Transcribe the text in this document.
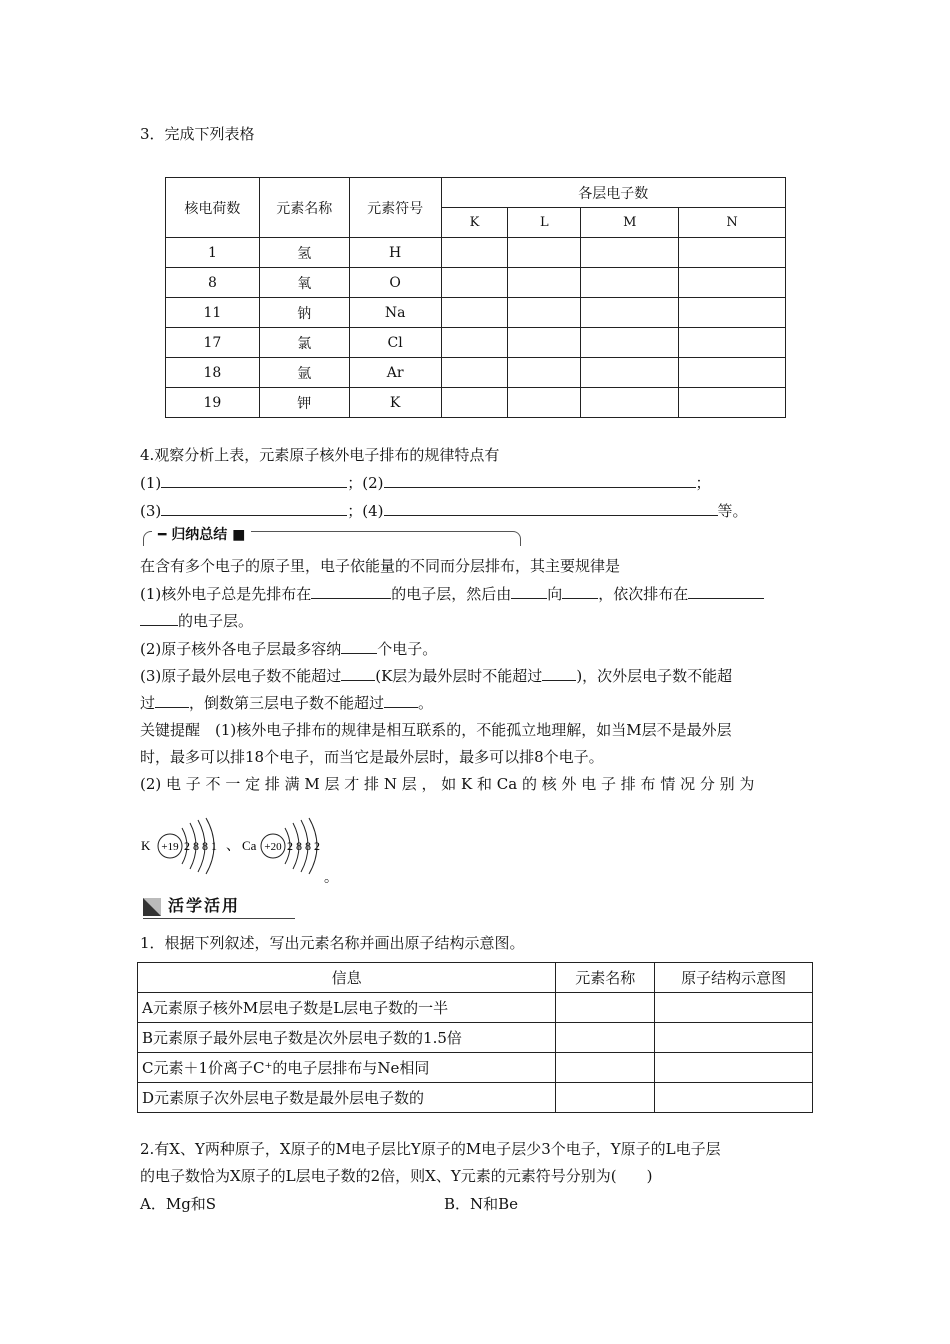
3．完成下列表格
核电荷数	元素名称	元素符号	各层电子数			
			K	L	M	N
1	氢	H				
8	氧	O				
11	钠	Na				
17	氯	Cl				
18	氩	Ar				
19	钾	K				
4.观察分析上表，元素原子核外电子排布的规律特点有
(1)	；(2)	；
(3)	；(4)	等。
━ 归纳总结 ■
在含有多个电子的原子里，电子依能量的不同而分层排布，其主要规律是
(1)核外电子总是先排布在	的电子层，然后由 向 ，依次排布在
的电子层。
(2)原子核外各电子层最多容纳 个电子。
(3)原子最外层电子数不能超过 (K层为最外层时不能超过 )，次外层电子数不能超
过 ，倒数第三层电子数不能超过 。
关键提醒　(1)核外电子排布的规律是相互联系的，不能孤立地理解，如当M层不是最外层
时，最多可以排18个电子，而当它是最外层时，最多可以排8个电子。
(2) 电 子 不 一 定 排 满 M 层 才 排 N 层 ， 如 K 和 Ca 的 核 外 电 子 排 布 情 况 分 别 为
K +19 2 8 8 1 、 Ca +20 2 8 8 2
。
活学活用
1．根据下列叙述，写出元素名称并画出原子结构示意图。
信息	元素名称	原子结构示意图
A元素原子核外M层电子数是L层电子数的一半		
B元素原子最外层电子数是次外层电子数的1.5倍		
C元素＋1价离子C⁺的电子层排布与Ne相同		
D元素原子次外层电子数是最外层电子数的		
2.有X、Y两种原子，X原子的M电子层比Y原子的M电子层少3个电子，Y原子的L电子层
的电子数恰为X原子的L层电子数的2倍，则X、Y元素的元素符号分别为(　　)
A．Mg和S	B．N和Be
